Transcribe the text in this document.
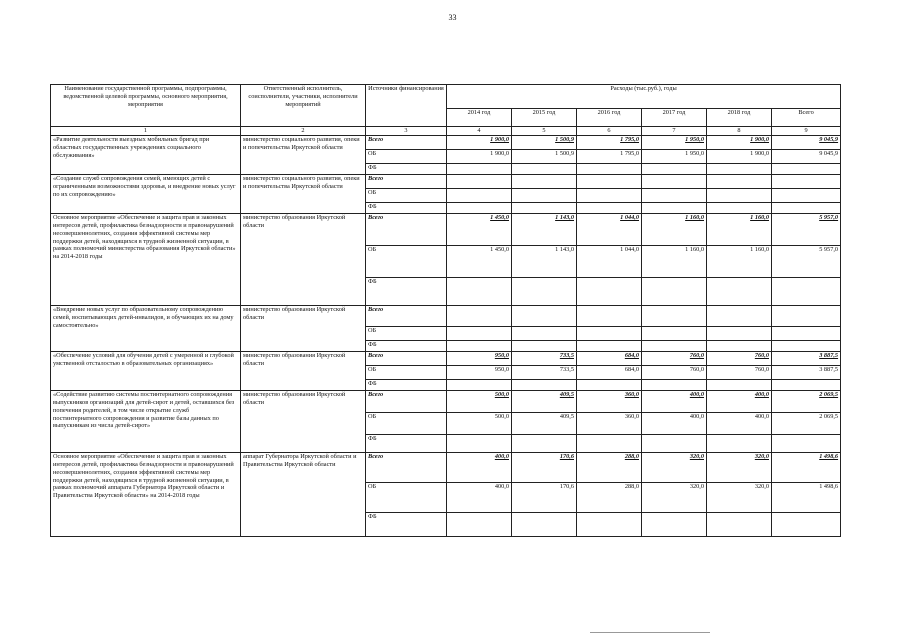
33
Наименование государственной программы, подпрограммы, ведомственной целевой программы, основного мероприятия, мероприятия	Ответственный исполнитель, соисполнители, участники, исполнители мероприятий	Источники финансирования	Расходы (тыс.руб.), годы					
			2014 год	2015 год	2016 год	2017 год	2018 год	Всего
1	2	3	4	5	6	7	8	9
«Развитие деятельности выездных мобильных бригад при областных государственных учреждениях социального обслуживания»	министерство социального развития, опеки и попечительства Иркутской области	Всего	1 900,0	1 500,9	1 795,0	1 950,0	1 900,0	9 045,9
		ОБ	1 900,0	1 500,9	1 795,0	1 950,0	1 900,0	9 045,9
		ФБ						
«Создание служб сопровождения семей, имеющих детей с ограниченными возможностями здоровья, и внедрение новых услуг по их сопровождению»	министерство социального развития, опеки и попечительства Иркутской области	Всего						
		ОБ						
		ФБ						
Основное мероприятие «Обеспечение и защита прав и законных интересов детей, профилактика безнадзорности и правонарушений несовершеннолетних, создания эффективной системы мер поддержки детей, находящихся в трудной жизненной ситуации, в рамках полномочий министерства образования Иркутской области» на 2014-2018 годы	министерство образования Иркутской области	Всего	1 450,0	1 143,0	1 044,0	1 160,0	1 160,0	5 957,0
		ОБ	1 450,0	1 143,0	1 044,0	1 160,0	1 160,0	5 957,0
		ФБ						
«Внедрение новых услуг по образовательному сопровождению семей, воспитывающих детей-инвалидов, и обучающих их на дому самостоятельно»	министерство образования Иркутской области	Всего						
		ОБ						
		ФБ						
«Обеспечение условий для обучения детей с умеренной и глубокой умственной отсталостью в образовательных организациях»	министерство образования Иркутской области	Всего	950,0	733,5	684,0	760,0	760,0	3 887,5
		ОБ	950,0	733,5	684,0	760,0	760,0	3 887,5
		ФБ						
«Содействие развитию системы постинтернатного сопровождения выпускников организаций для детей-сирот и детей, оставшихся без попечения родителей, в том числе открытие служб постинтернатного сопровождения и развитие базы данных по выпускникам из числа детей-сирот»	министерство образования Иркутской области	Всего	500,0	409,5	360,0	400,0	400,0	2 069,5
		ОБ	500,0	409,5	360,0	400,0	400,0	2 069,5
		ФБ						
Основное мероприятие «Обеспечение и защита прав и законных интересов детей, профилактика безнадзорности и правонарушений несовершеннолетних, создания эффективной системы мер поддержки детей, находящихся в трудной жизненной ситуации, в рамках полномочий аппарата Губернатора Иркутской области и Правительства Иркутской области» на 2014-2018 годы	аппарат Губернатора Иркутской области и Правительства Иркутской области	Всего	400,0	170,6	288,0	320,0	320,0	1 498,6
		ОБ	400,0	170,6	288,0	320,0	320,0	1 498,6
		ФБ						
